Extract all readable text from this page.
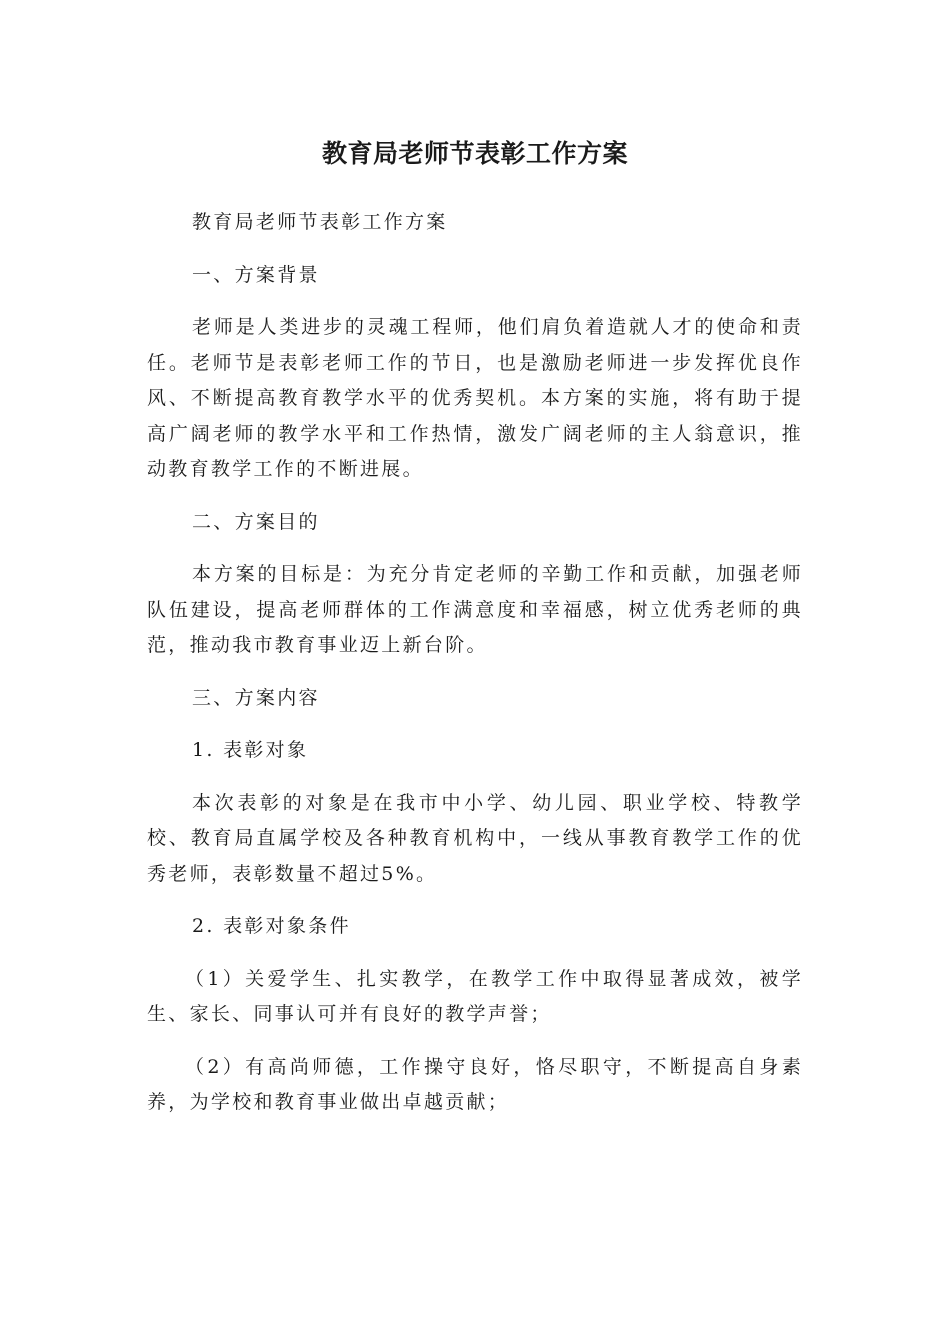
教育局老师节表彰工作方案

教育局老师节表彰工作方案

一、方案背景

老师是人类进步的灵魂工程师，他们肩负着造就人才的使命和责任。老师节是表彰老师工作的节日，也是激励老师进一步发挥优良作风、不断提高教育教学水平的优秀契机。本方案的实施，将有助于提高广阔老师的教学水平和工作热情，激发广阔老师的主人翁意识，推动教育教学工作的不断进展。

二、方案目的

本方案的目标是：为充分肯定老师的辛勤工作和贡献，加强老师队伍建设，提高老师群体的工作满意度和幸福感，树立优秀老师的典范，推动我市教育事业迈上新台阶。

三、方案内容

1. 表彰对象

本次表彰的对象是在我市中小学、幼儿园、职业学校、特教学校、教育局直属学校及各种教育机构中，一线从事教育教学工作的优秀老师，表彰数量不超过5%。

2. 表彰对象条件

（1）关爱学生、扎实教学，在教学工作中取得显著成效，被学生、家长、同事认可并有良好的教学声誉；

（2）有高尚师德，工作操守良好，恪尽职守，不断提高自身素养，为学校和教育事业做出卓越贡献；
